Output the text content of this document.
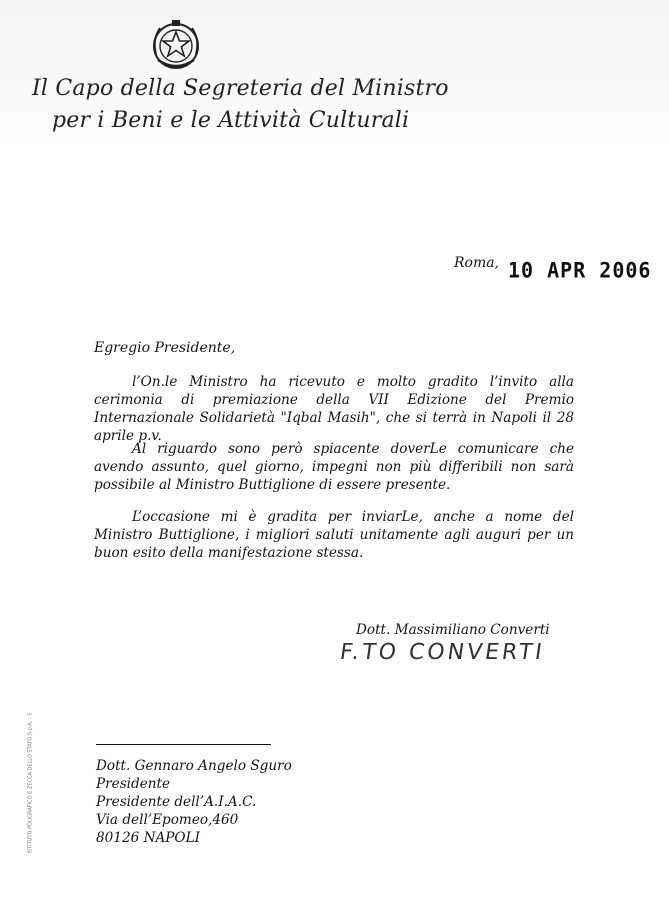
Il Capo della Segreteria del Ministro
per i Beni e le Attività Culturali
Roma, 10 APR 2006
Egregio Presidente,

l’On.le Ministro ha ricevuto e molto gradito l’invito alla cerimonia di premiazione della VII Edizione del Premio Internazionale Solidarietà "Iqbal Masih", che si terrà in Napoli il 28 aprile p.v.

Al riguardo sono però spiacente doverLe comunicare che avendo assunto, quel giorno, impegni non più differibili non sarà possibile al Ministro Buttiglione di essere presente.

L’occasione mi è gradita per inviarLe, anche a nome del Ministro Buttiglione, i migliori saluti unitamente agli auguri per un buon esito della manifestazione stessa.

Dott. Massimiliano Converti
F.TO CONVERTI
ISTITUTO POLIGRAFICO E ZECCA DELLO STATO S.p.A. - S	Dott. Gennaro Angelo Sguro
Presidente
Presidente dell’A.I.A.C.
Via dell’Epomeo,460
80126 NAPOLI
